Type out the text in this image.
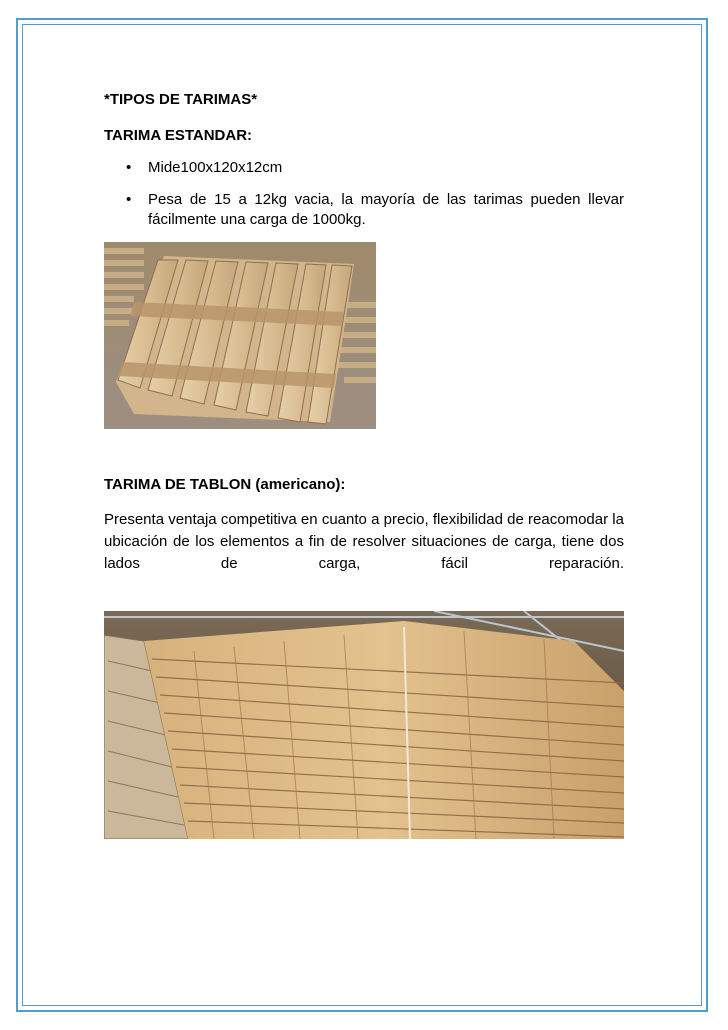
*TIPOS DE TARIMAS*

TARIMA ESTANDAR:

• Mide100x120x12cm
• Pesa de 15 a 12kg vacia, la mayoría de las tarimas pueden llevar fácilmente una carga de 1000kg.

TARIMA DE TABLON (americano):

Presenta ventaja competitiva en cuanto a precio, flexibilidad de reacomodar la ubicación de los elementos a fin de resolver situaciones de carga, tiene dos lados de carga, fácil reparación.
